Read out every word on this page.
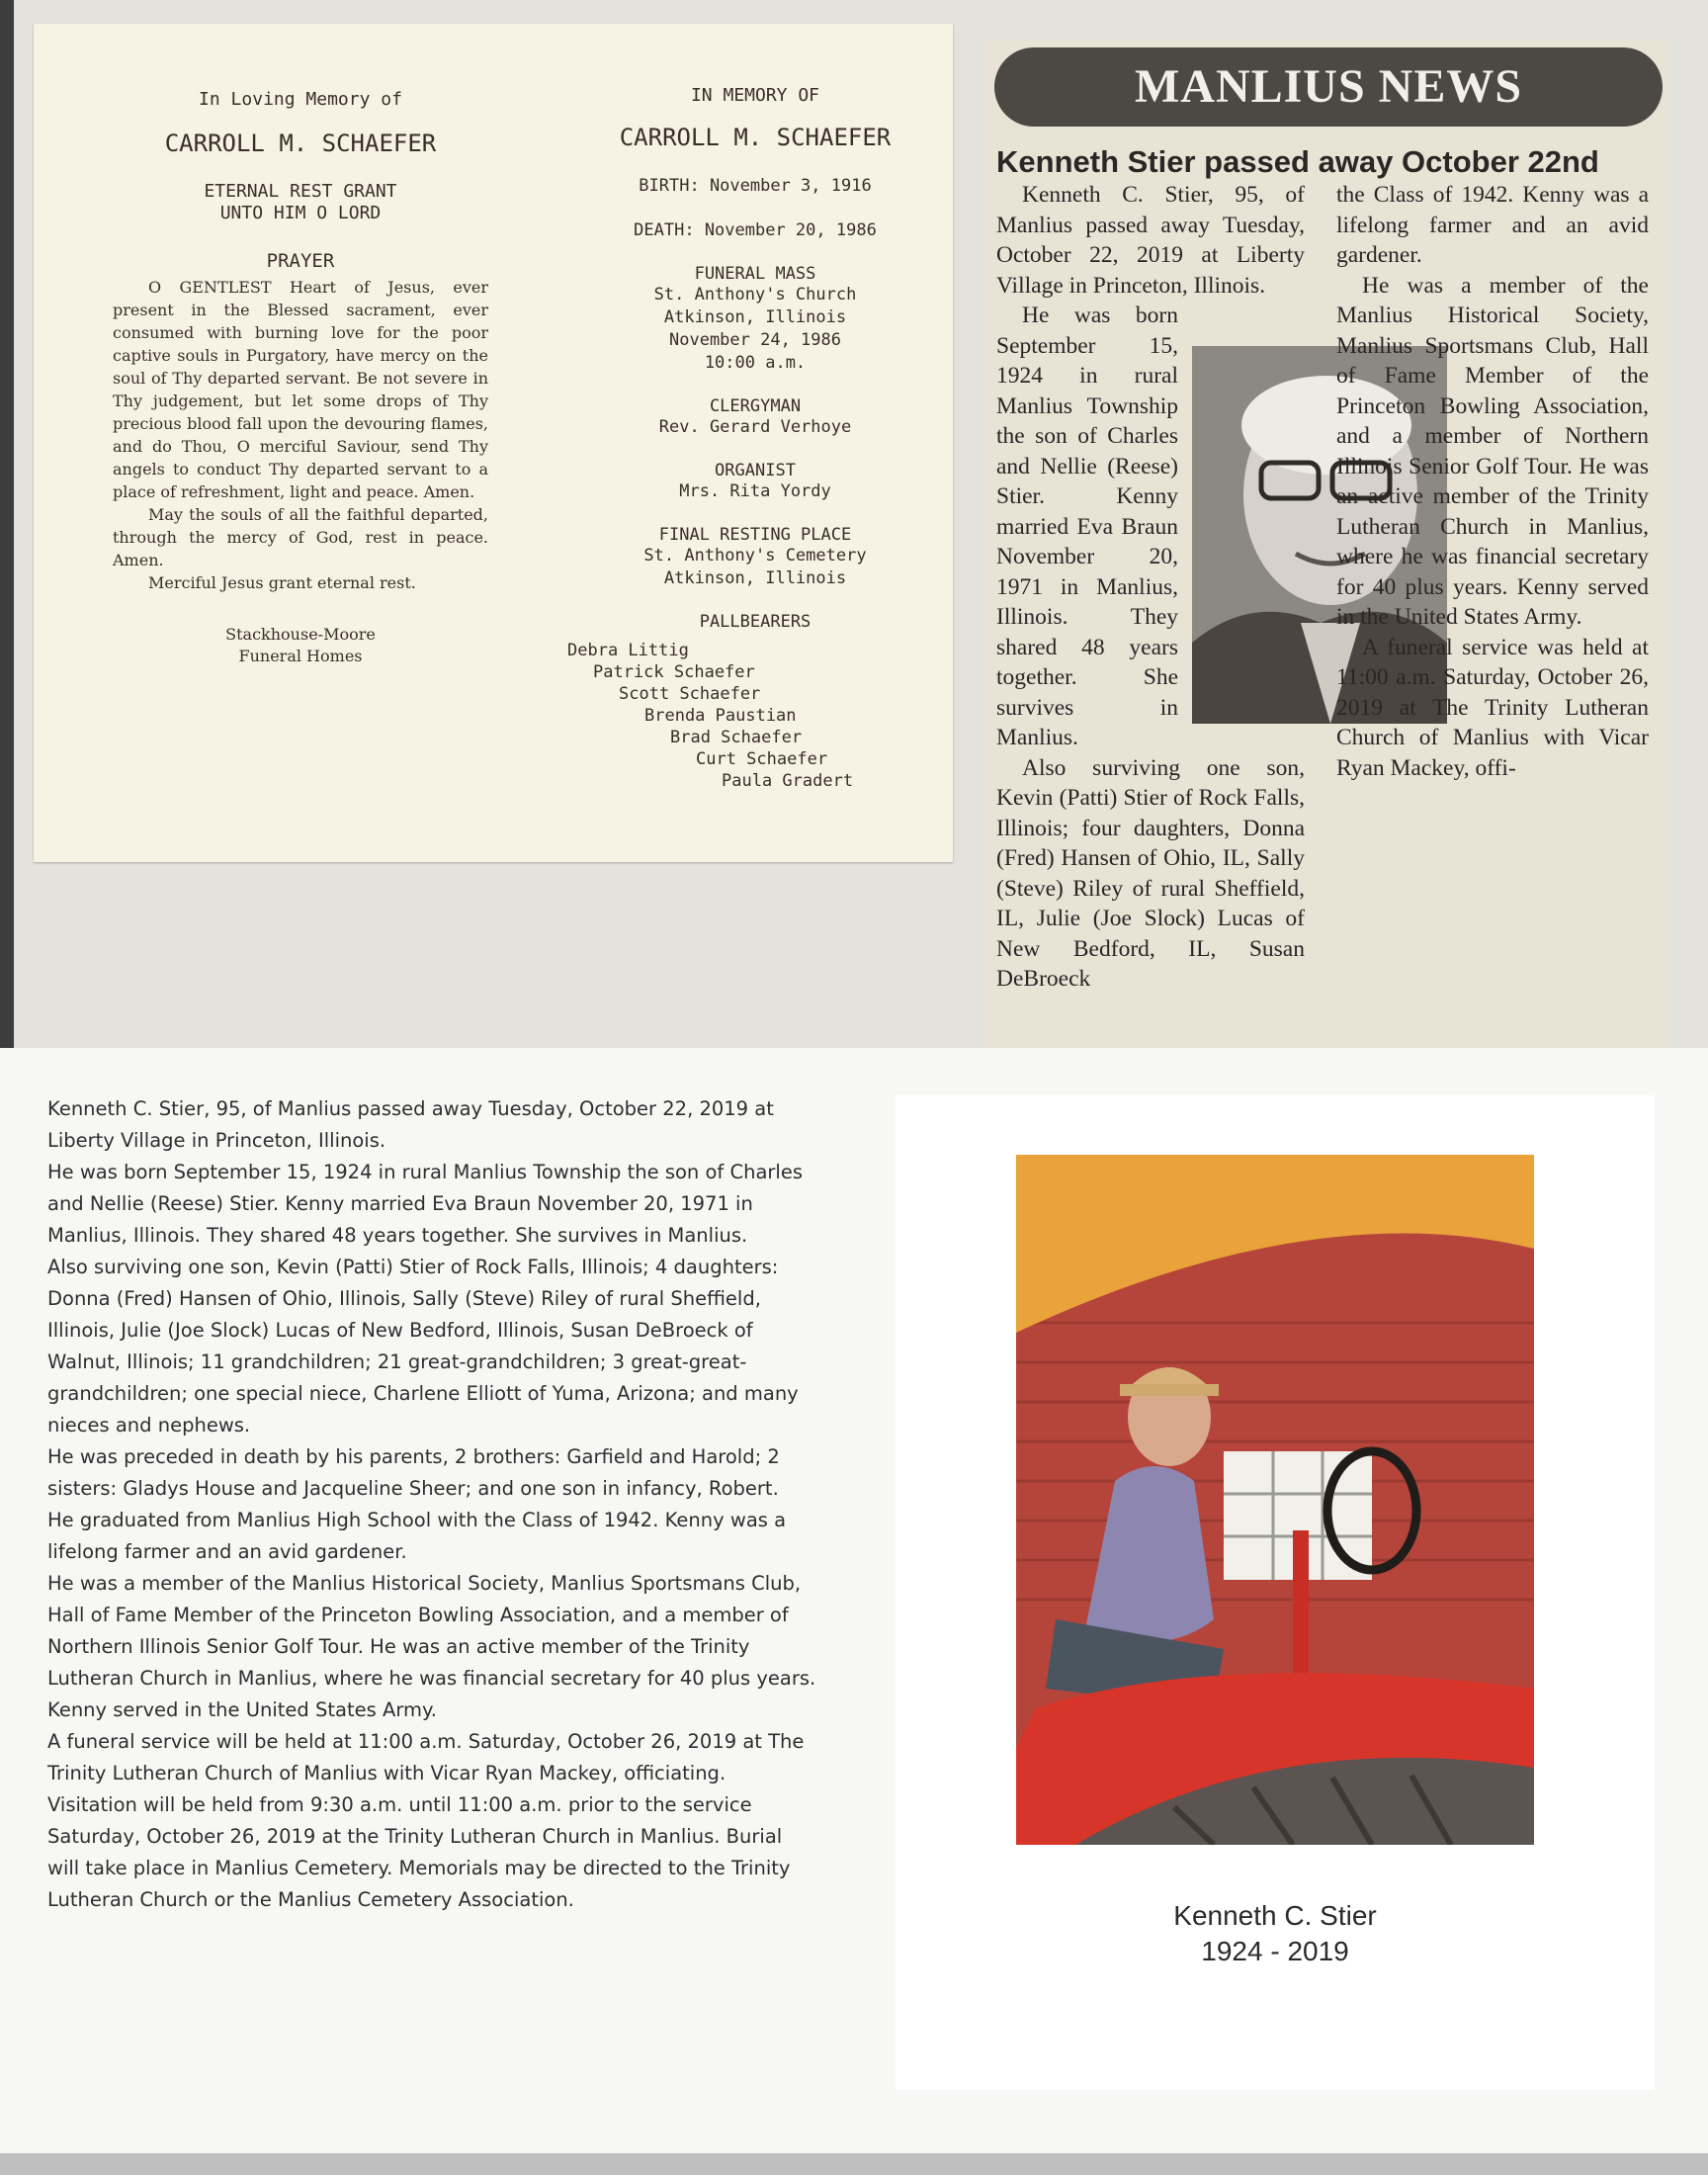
In Loving Memory of
CARROLL M. SCHAEFER
ETERNAL REST GRANT
UNTO HIM O LORD
PRAYER

O GENTLEST Heart of Jesus, ever present in the Blessed sacrament, ever consumed with burning love for the poor captive souls in Purgatory, have mercy on the soul of Thy departed servant. Be not severe in Thy judgement, but let some drops of Thy precious blood fall upon the devouring flames, and do Thou, O merciful Saviour, send Thy angels to conduct Thy departed servant to a place of refreshment, light and peace. Amen.

May the souls of all the faithful departed, through the mercy of God, rest in peace. Amen.

Merciful Jesus grant eternal rest.

Stackhouse-Moore
Funeral Homes
IN MEMORY OF
CARROLL M. SCHAEFER
BIRTH: November 3, 1916
DEATH: November 20, 1986
FUNERAL MASS
St. Anthony's Church
Atkinson, Illinois
November 24, 1986
10:00 a.m.
CLERGYMAN
Rev. Gerard Verhoye
ORGANIST
Mrs. Rita Yordy
FINAL RESTING PLACE
St. Anthony's Cemetery
Atkinson, Illinois
PALLBEARERS
Debra Littig
Patrick Schaefer
Scott Schaefer
Brenda Paustian
Brad Schaefer
Curt Schaefer
Paula Gradert
MANLIUS NEWS
Kenneth Stier passed away October 22nd

Kenneth C. Stier, 95, of Manlius passed away Tuesday, October 22, 2019 at Liberty Village in Princeton, Illinois.

He was born September 15, 1924 in rural Manlius Township the son of Charles and Nellie (Reese) Stier. Kenny married Eva Braun November 20, 1971 in Manlius, Illinois. They shared 48 years together. She survives in Manlius.

Also surviving one son, Kevin (Patti) Stier of Rock Falls, Illinois; four daughters, Donna (Fred) Hansen of Ohio, IL, Sally (Steve) Riley of rural Sheffield, IL, Julie (Joe Slock) Lucas of New Bedford, IL, Susan DeBroeck

the Class of 1942. Kenny was a lifelong farmer and an avid gardener.

He was a member of the Manlius Historical Society, Manlius Sportsmans Club, Hall of Fame Member of the Princeton Bowling Association, and a member of Northern Illinois Senior Golf Tour. He was an active member of the Trinity Lutheran Church in Manlius, where he was financial secretary for 40 plus years. Kenny served in the United States Army.

A funeral service was held at 11:00 a.m. Saturday, October 26, 2019 at The Trinity Lutheran Church of Manlius with Vicar Ryan Mackey, offi-

Kenneth C. Stier, 95, of Manlius passed away Tuesday, October 22, 2019 at Liberty Village in Princeton, Illinois.

He was born September 15, 1924 in rural Manlius Township the son of Charles and Nellie (Reese) Stier. Kenny married Eva Braun November 20, 1971 in Manlius, Illinois. They shared 48 years together. She survives in Manlius.

Also surviving one son, Kevin (Patti) Stier of Rock Falls, Illinois; 4 daughters: Donna (Fred) Hansen of Ohio, Illinois, Sally (Steve) Riley of rural Sheffield, Illinois, Julie (Joe Slock) Lucas of New Bedford, Illinois, Susan DeBroeck of Walnut, Illinois; 11 grandchildren; 21 great-grandchildren; 3 great-great-grandchildren; one special niece, Charlene Elliott of Yuma, Arizona; and many nieces and nephews.

He was preceded in death by his parents, 2 brothers: Garfield and Harold; 2 sisters: Gladys House and Jacqueline Sheer; and one son in infancy, Robert.

He graduated from Manlius High School with the Class of 1942. Kenny was a lifelong farmer and an avid gardener.

He was a member of the Manlius Historical Society, Manlius Sportsmans Club, Hall of Fame Member of the Princeton Bowling Association, and a member of Northern Illinois Senior Golf Tour. He was an active member of the Trinity Lutheran Church in Manlius, where he was financial secretary for 40 plus years. Kenny served in the United States Army.

A funeral service will be held at 11:00 a.m. Saturday, October 26, 2019 at The Trinity Lutheran Church of Manlius with Vicar Ryan Mackey, officiating. Visitation will be held from 9:30 a.m. until 11:00 a.m. prior to the service Saturday, October 26, 2019 at the Trinity Lutheran Church in Manlius. Burial will take place in Manlius Cemetery. Memorials may be directed to the Trinity Lutheran Church or the Manlius Cemetery Association.

Kenneth C. Stier
1924 - 2019
